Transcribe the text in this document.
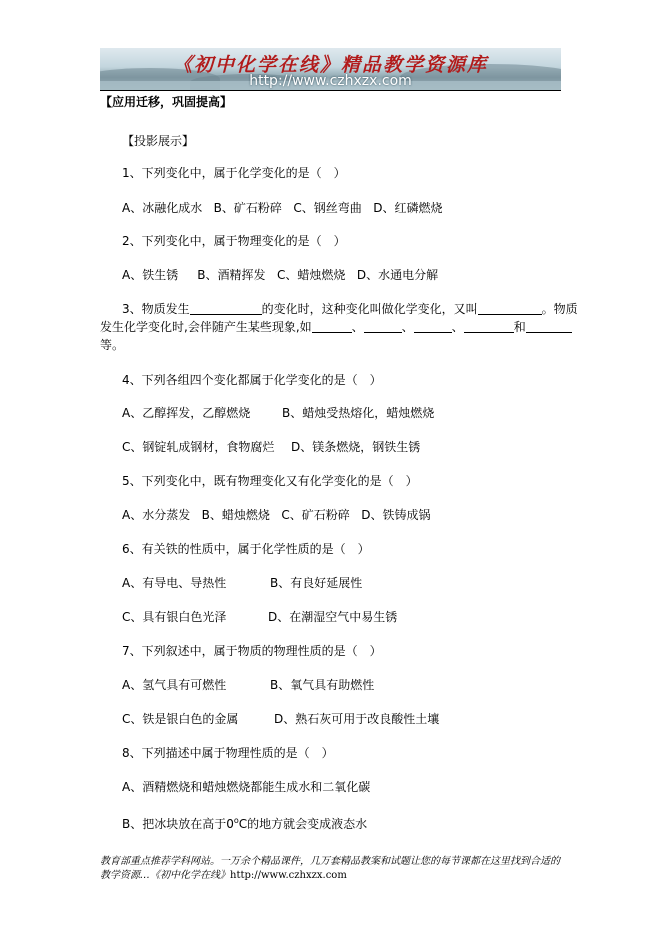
《初中化学在线》精品教学资源库
http://www.czhxzx.com
【应用迁移，巩固提高】
【投影展示】
1、下列变化中，属于化学变化的是（　）
A、冰融化成水 B、矿石粉碎 C、钢丝弯曲 D、红磷燃烧
2、下列变化中，属于物理变化的是（　）
A、铁生锈 B、酒精挥发 C、蜡烛燃烧 D、水通电分解
3、物质发生	的变化时，这种变化叫做化学变化，又叫	。物质
发生化学变化时,会伴随产生某些现象,如	、	、	、	和
等。
4、下列各组四个变化都属于化学变化的是（　）
A、乙醇挥发，乙醇燃烧	B、蜡烛受热熔化，蜡烛燃烧
C、钢锭轧成钢材，食物腐烂 D、镁条燃烧，钢铁生锈
5、下列变化中，既有物理变化又有化学变化的是（　）
A、水分蒸发 B、蜡烛燃烧 C、矿石粉碎 D、铁铸成锅
6、有关铁的性质中，属于化学性质的是（　）
A、有导电、导热性	B、有良好延展性
C、具有银白色光泽	D、在潮湿空气中易生锈
7、下列叙述中，属于物质的物理性质的是（　）
A、氢气具有可燃性	B、氧气具有助燃性
C、铁是银白色的金属	D、熟石灰可用于改良酸性土壤
8、下列描述中属于物理性质的是（　）
A、酒精燃烧和蜡烛燃烧都能生成水和二氧化碳
B、把冰块放在高于0$^o$C的地方就会变成液态水
教育部重点推荐学科网站。一万余个精品课件，几万套精品教案和试题让您的每节课都在这里找到合适的
教学资源…《初中化学在线》http://www.czhxzx.com
